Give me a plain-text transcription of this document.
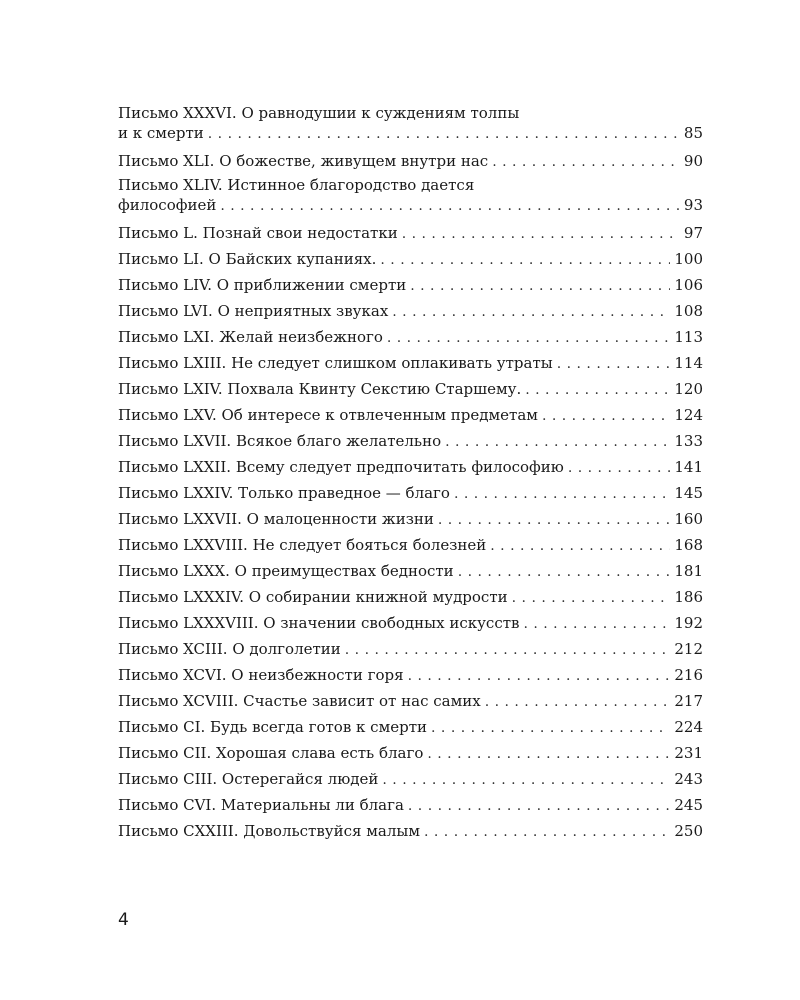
Письмо XXXVI. О равнодушии к суждениям толпы
и к смерти . . .	85
Письмо XLI. О божестве, живущем внутри нас . . .	90
Письмо XLIV. Истинное благородство дается
философией . . .	93
Письмо L. Познай свои недостатки . . .	97
Письмо LI. О Байских купаниях. . . .	100
Письмо LIV. О приближении смерти . . .	106
Письмо LVI. О неприятных звуках . . .	108
Письмо LXI. Желай неизбежного . . .	113
Письмо LXIII. Не следует слишком оплакивать утраты . . .	114
Письмо LXIV. Похвала Квинту Секстию Старшему. . . .	120
Письмо LXV. Об интересе к отвлеченным предметам . . .	124
Письмо LXVII. Всякое благо желательно . . .	133
Письмо LXXII. Всему следует предпочитать философию . . .	141
Письмо LXXIV. Только праведное — благо . . .	145
Письмо LXXVII. О малоценности жизни . . .	160
Письмо LXXVIII. Не следует бояться болезней . . .	168
Письмо LXXX. О преимуществах бедности . . .	181
Письмо LXXXIV. О собирании книжной мудрости . . .	186
Письмо LXXXVIII. О значении свободных искусств . . .	192
Письмо XCIII. О долголетии . . .	212
Письмо XCVI. О неизбежности горя . . .	216
Письмо XCVIII. Счастье зависит от нас самих . . .	217
Письмо CI. Будь всегда готов к смерти . . .	224
Письмо CII. Хорошая слава есть благо . . .	231
Письмо CIII. Остерегайся людей . . .	243
Письмо CVI. Материальны ли блага . . .	245
Письмо CXXIII. Довольствуйся малым . . .	250
4
